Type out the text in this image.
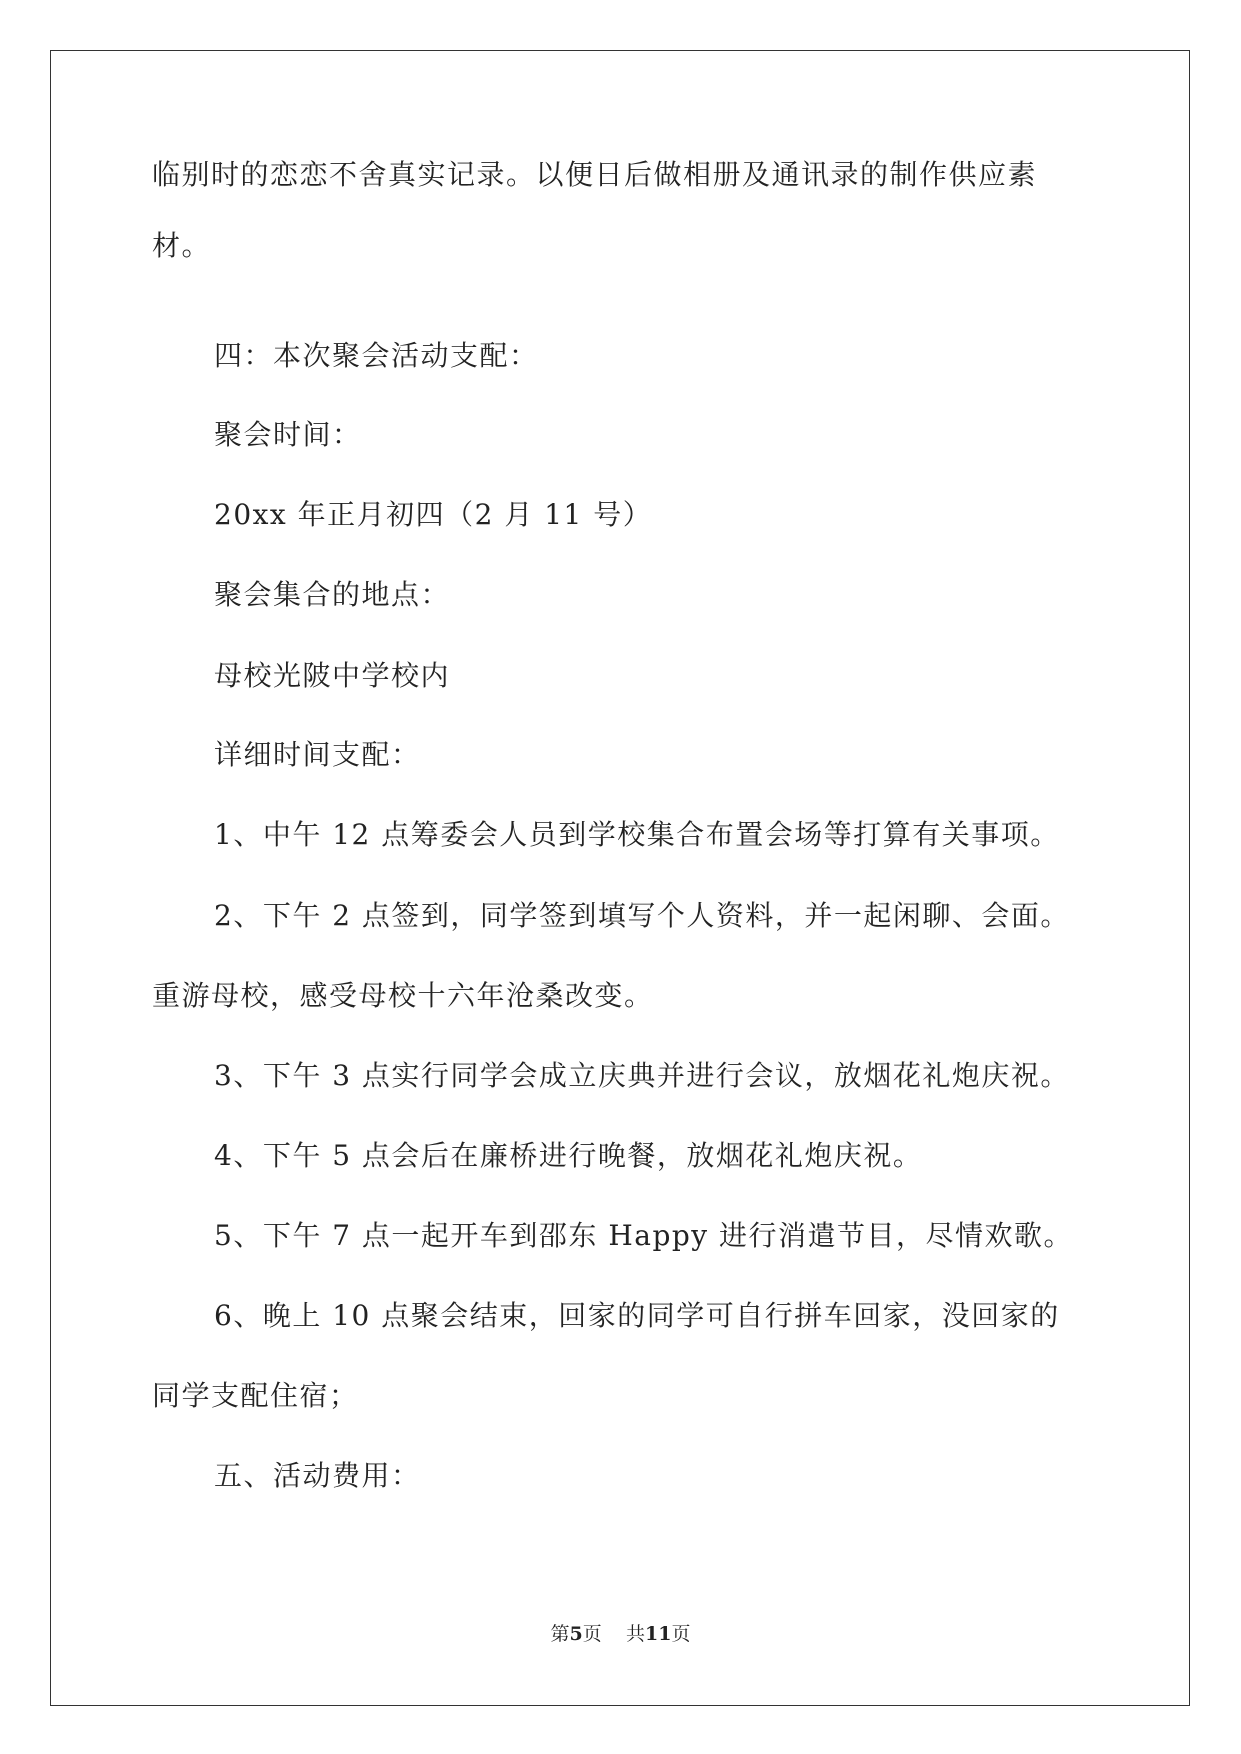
临别时的恋恋不舍真实记录。以便日后做相册及通讯录的制作供应素
材。
四：本次聚会活动支配：
聚会时间：
20xx 年正月初四（2 月 11 号）
聚会集合的地点：
母校光陂中学校内
详细时间支配：
1、中午 12 点筹委会人员到学校集合布置会场等打算有关事项。
2、下午 2 点签到，同学签到填写个人资料，并一起闲聊、会面。
重游母校，感受母校十六年沧桑改变。
3、下午 3 点实行同学会成立庆典并进行会议，放烟花礼炮庆祝。
4、下午 5 点会后在廉桥进行晚餐，放烟花礼炮庆祝。
5、下午 7 点一起开车到邵东 Happy 进行消遣节目，尽情欢歌。
6、晚上 10 点聚会结束，回家的同学可自行拼车回家，没回家的
同学支配住宿；
五、活动费用：
第5页 共11页
